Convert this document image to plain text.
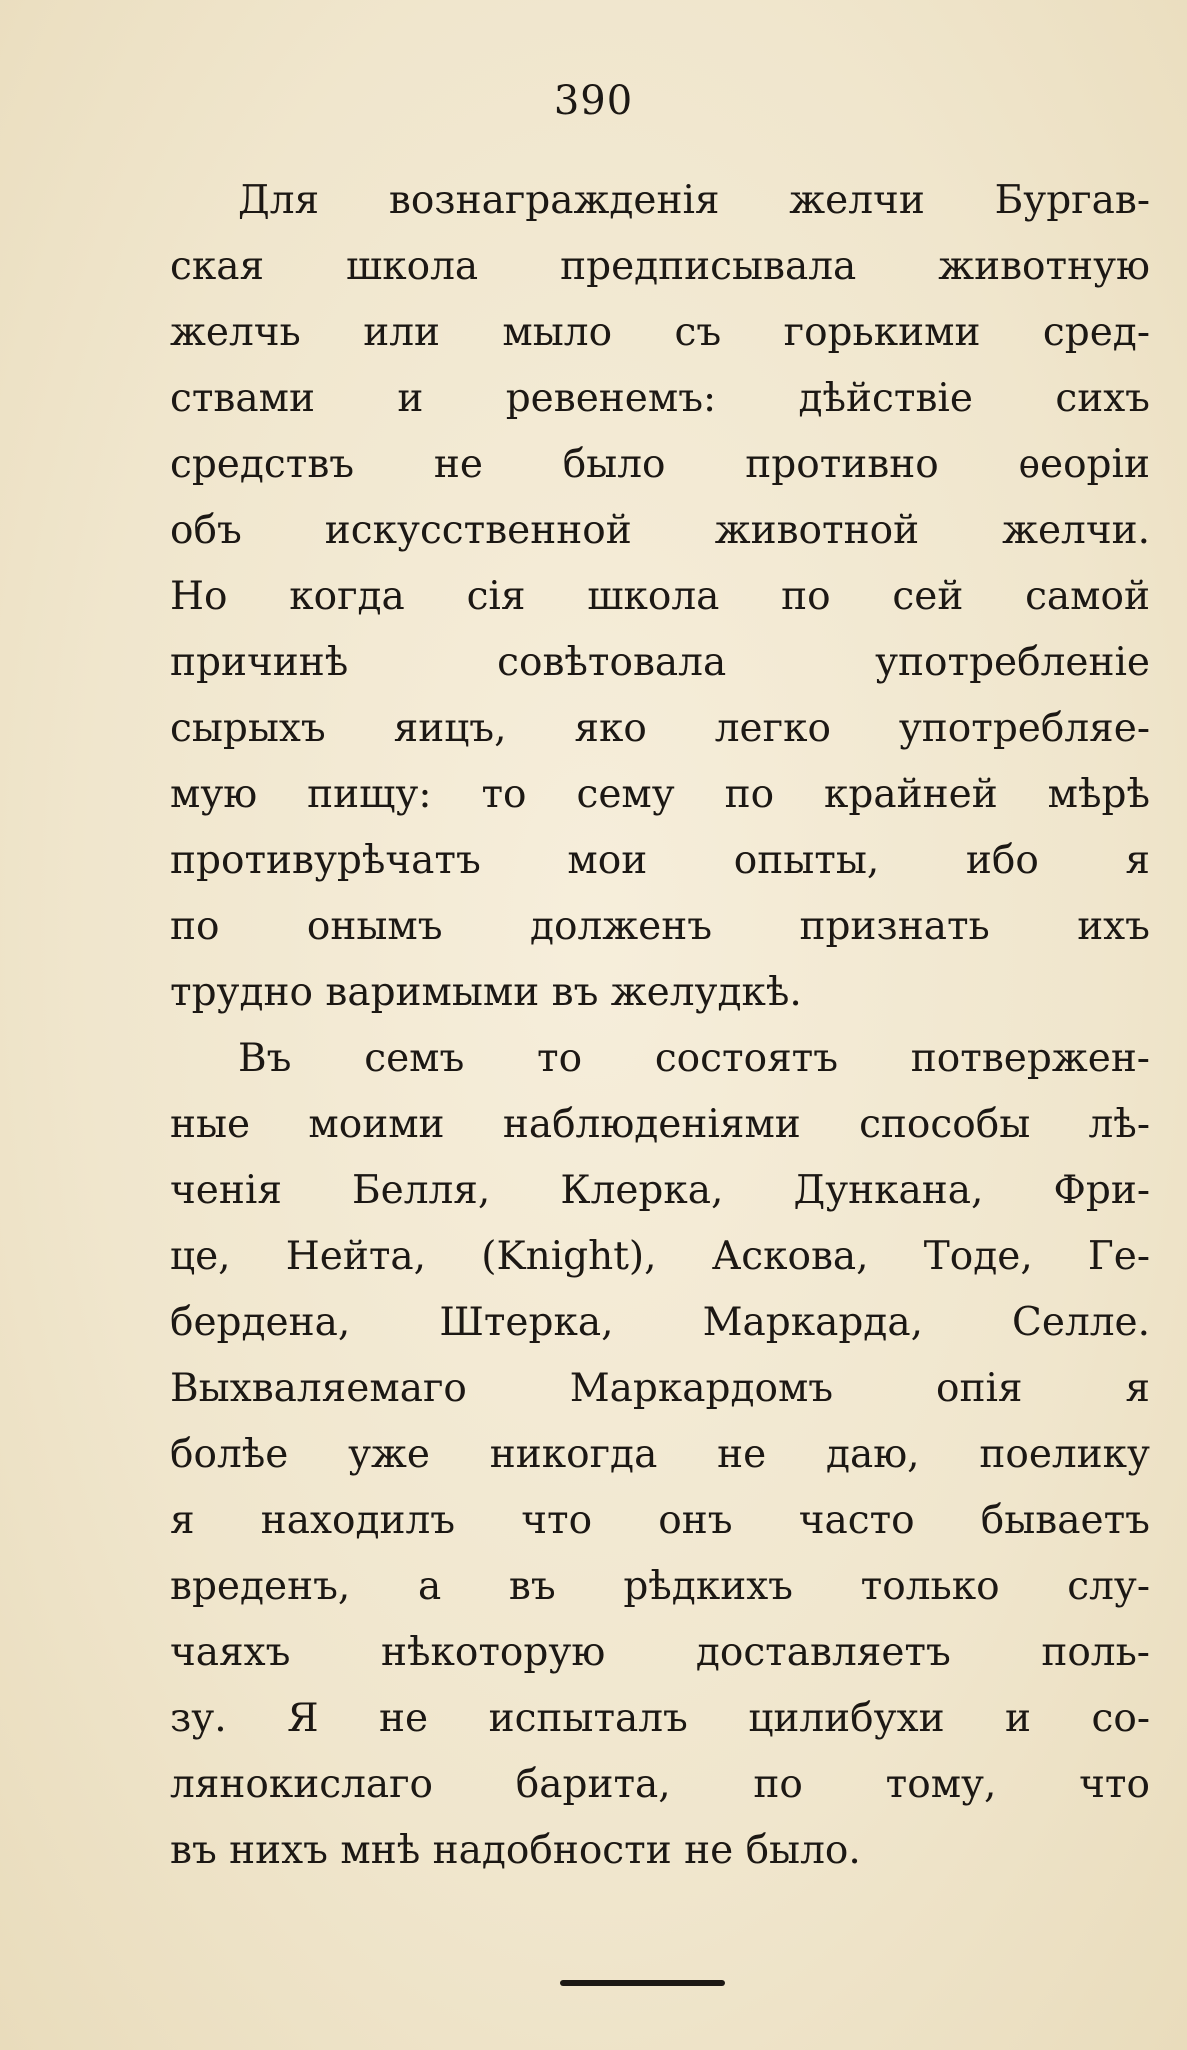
390
Для вознагражденія желчи Бургав-
ская школа предписывала животную
желчь или мыло съ горькими сред-
ствами и ревенемъ: дѣйствіе сихъ
средствъ не было противно ѳеоріи
объ искусственной животной желчи.
Но когда сія школа по сей самой
причинѣ совѣтовала употребленіе
сырыхъ яицъ, яко легко употребляе-
мую пищу: то сему по крайней мѣрѣ
противурѣчатъ мои опыты, ибо я
по онымъ долженъ признать ихъ
трудно варимыми въ желудкѣ.
Въ семъ то состоятъ потвержен-
ные моими наблюденіями способы лѣ-
ченія Белля, Клерка, Дункана, Фри-
це, Нейта, (Knight), Аскова, Тоде, Ге-
бердена, Штерка, Маркарда, Селле.
Выхваляемаго Маркардомъ опія я
болѣе уже никогда не даю, поелику
я находилъ что онъ часто бываетъ
вреденъ, а въ рѣдкихъ только слу-
чаяхъ нѣкоторую доставляетъ поль-
зу. Я не испыталъ цилибухи и со-
лянокислаго барита, по тому, что
въ нихъ мнѣ надобности не было.
